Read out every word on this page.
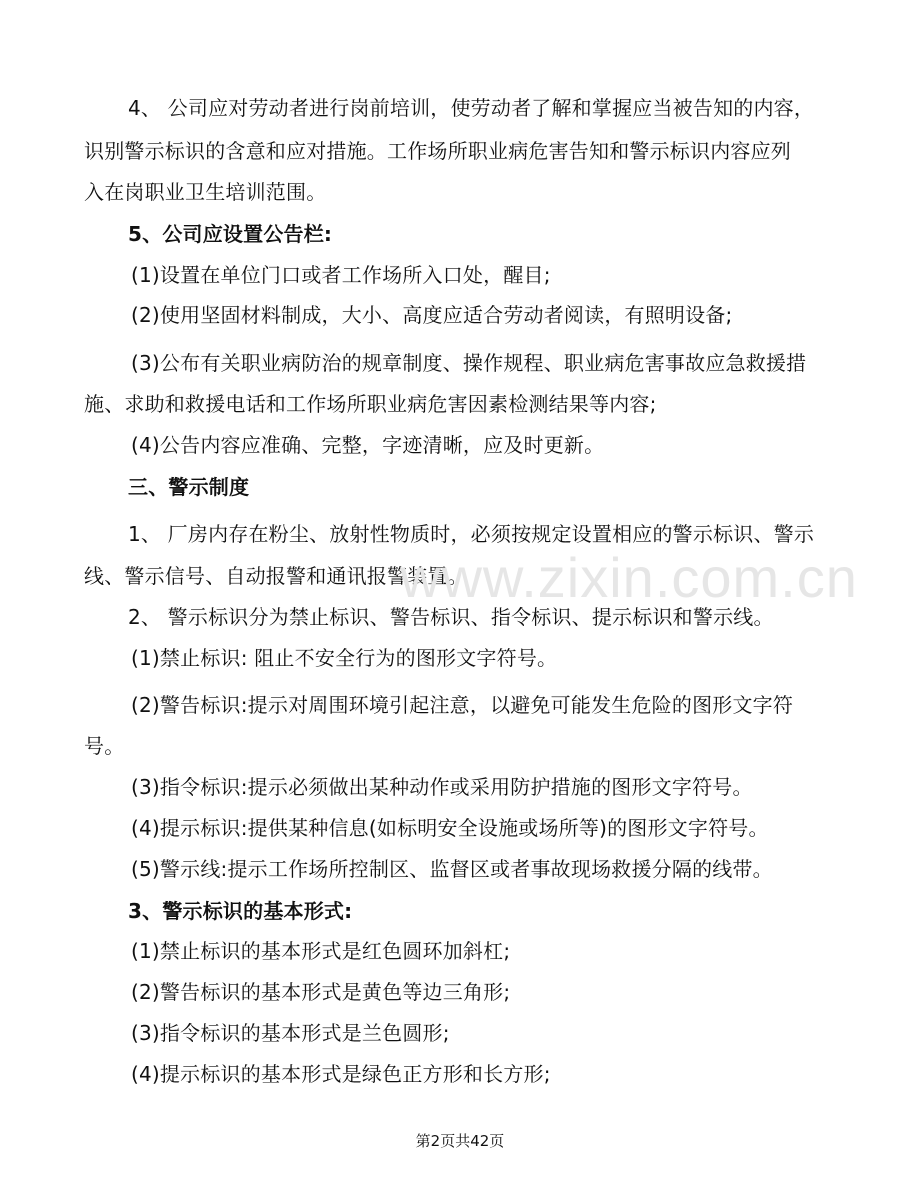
4、 公司应对劳动者进行岗前培训，使劳动者了解和掌握应当被告知的内容，
识别警示标识的含意和应对措施。工作场所职业病危害告知和警示标识内容应列
入在岗职业卫生培训范围。
5、公司应设置公告栏:
(1)设置在单位门口或者工作场所入口处，醒目;
(2)使用坚固材料制成，大小、高度应适合劳动者阅读，有照明设备;
(3)公布有关职业病防治的规章制度、操作规程、职业病危害事故应急救援措
施、求助和救援电话和工作场所职业病危害因素检测结果等内容;
(4)公告内容应准确、完整，字迹清晰，应及时更新。
三、警示制度
1、 厂房内存在粉尘、放射性物质时，必须按规定设置相应的警示标识、警示
线、警示信号、自动报警和通讯报警装置。
2、 警示标识分为禁止标识、警告标识、指令标识、提示标识和警示线。
(1)禁止标识: 阻止不安全行为的图形文字符号。
(2)警告标识:提示对周围环境引起注意，以避免可能发生危险的图形文字符
号。
(3)指令标识:提示必须做出某种动作或采用防护措施的图形文字符号。
(4)提示标识:提供某种信息(如标明安全设施或场所等)的图形文字符号。
(5)警示线:提示工作场所控制区、监督区或者事故现场救援分隔的线带。
3、警示标识的基本形式:
(1)禁止标识的基本形式是红色圆环加斜杠;
(2)警告标识的基本形式是黄色等边三角形;
(3)指令标识的基本形式是兰色圆形;
(4)提示标识的基本形式是绿色正方形和长方形;
www.zixin.com.cn
第2页共42页
